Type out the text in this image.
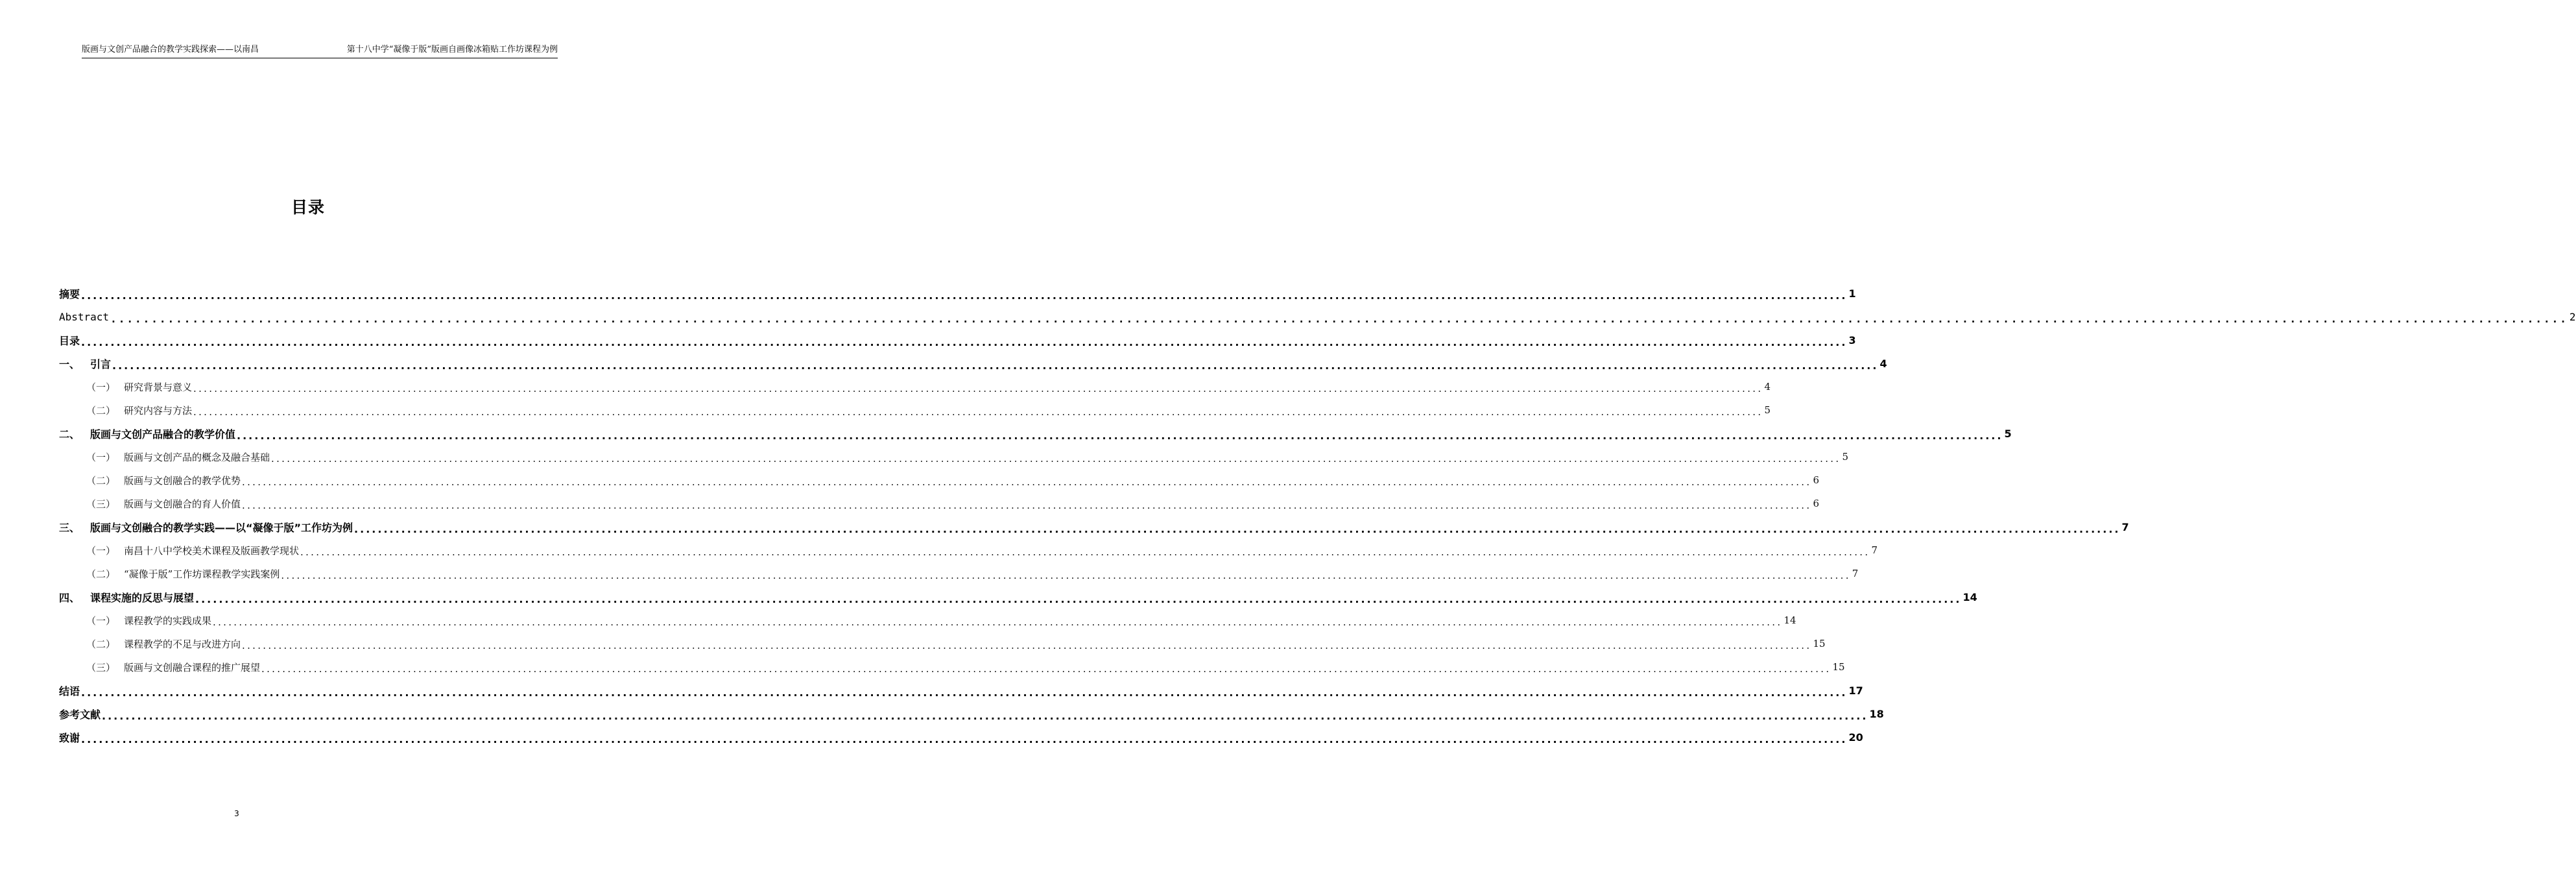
版画与文创产品融合的教学实践探索——以南昌	第十八中学“凝像于版”版画自画像冰箱贴工作坊课程为例
目录
摘要 ............................................................................................................................................................................................................................................................................................................ 1
Abstract ............................................................................................................................................................................................................................................................................................................ 2
目录 ............................................................................................................................................................................................................................................................................................................ 3
一、 引言 ............................................................................................................................................................................................................................................................................................................ 4
（一） 研究背景与意义 ............................................................................................................................................................................................................................................................................................................ 4
（二） 研究内容与方法 ............................................................................................................................................................................................................................................................................................................ 5
二、 版画与文创产品融合的教学价值 ............................................................................................................................................................................................................................................................................................................ 5
（一） 版画与文创产品的概念及融合基础 ............................................................................................................................................................................................................................................................................................................ 5
（二） 版画与文创融合的教学优势 ............................................................................................................................................................................................................................................................................................................ 6
（三） 版画与文创融合的育人价值 ............................................................................................................................................................................................................................................................................................................ 6
三、 版画与文创融合的教学实践——以“凝像于版”工作坊为例 ............................................................................................................................................................................................................................................................................................................ 7
（一） 南昌十八中学校美术课程及版画教学现状 ............................................................................................................................................................................................................................................................................................................ 7
（二） “凝像于版”工作坊课程教学实践案例 ............................................................................................................................................................................................................................................................................................................ 7
四、 课程实施的反思与展望 ............................................................................................................................................................................................................................................................................................................ 14
（一） 课程教学的实践成果 ............................................................................................................................................................................................................................................................................................................ 14
（二） 课程教学的不足与改进方向 ............................................................................................................................................................................................................................................................................................................ 15
（三） 版画与文创融合课程的推广展望 ............................................................................................................................................................................................................................................................................................................ 15
结语 ............................................................................................................................................................................................................................................................................................................ 17
参考文献 ............................................................................................................................................................................................................................................................................................................ 18
致谢 ............................................................................................................................................................................................................................................................................................................ 20
3
